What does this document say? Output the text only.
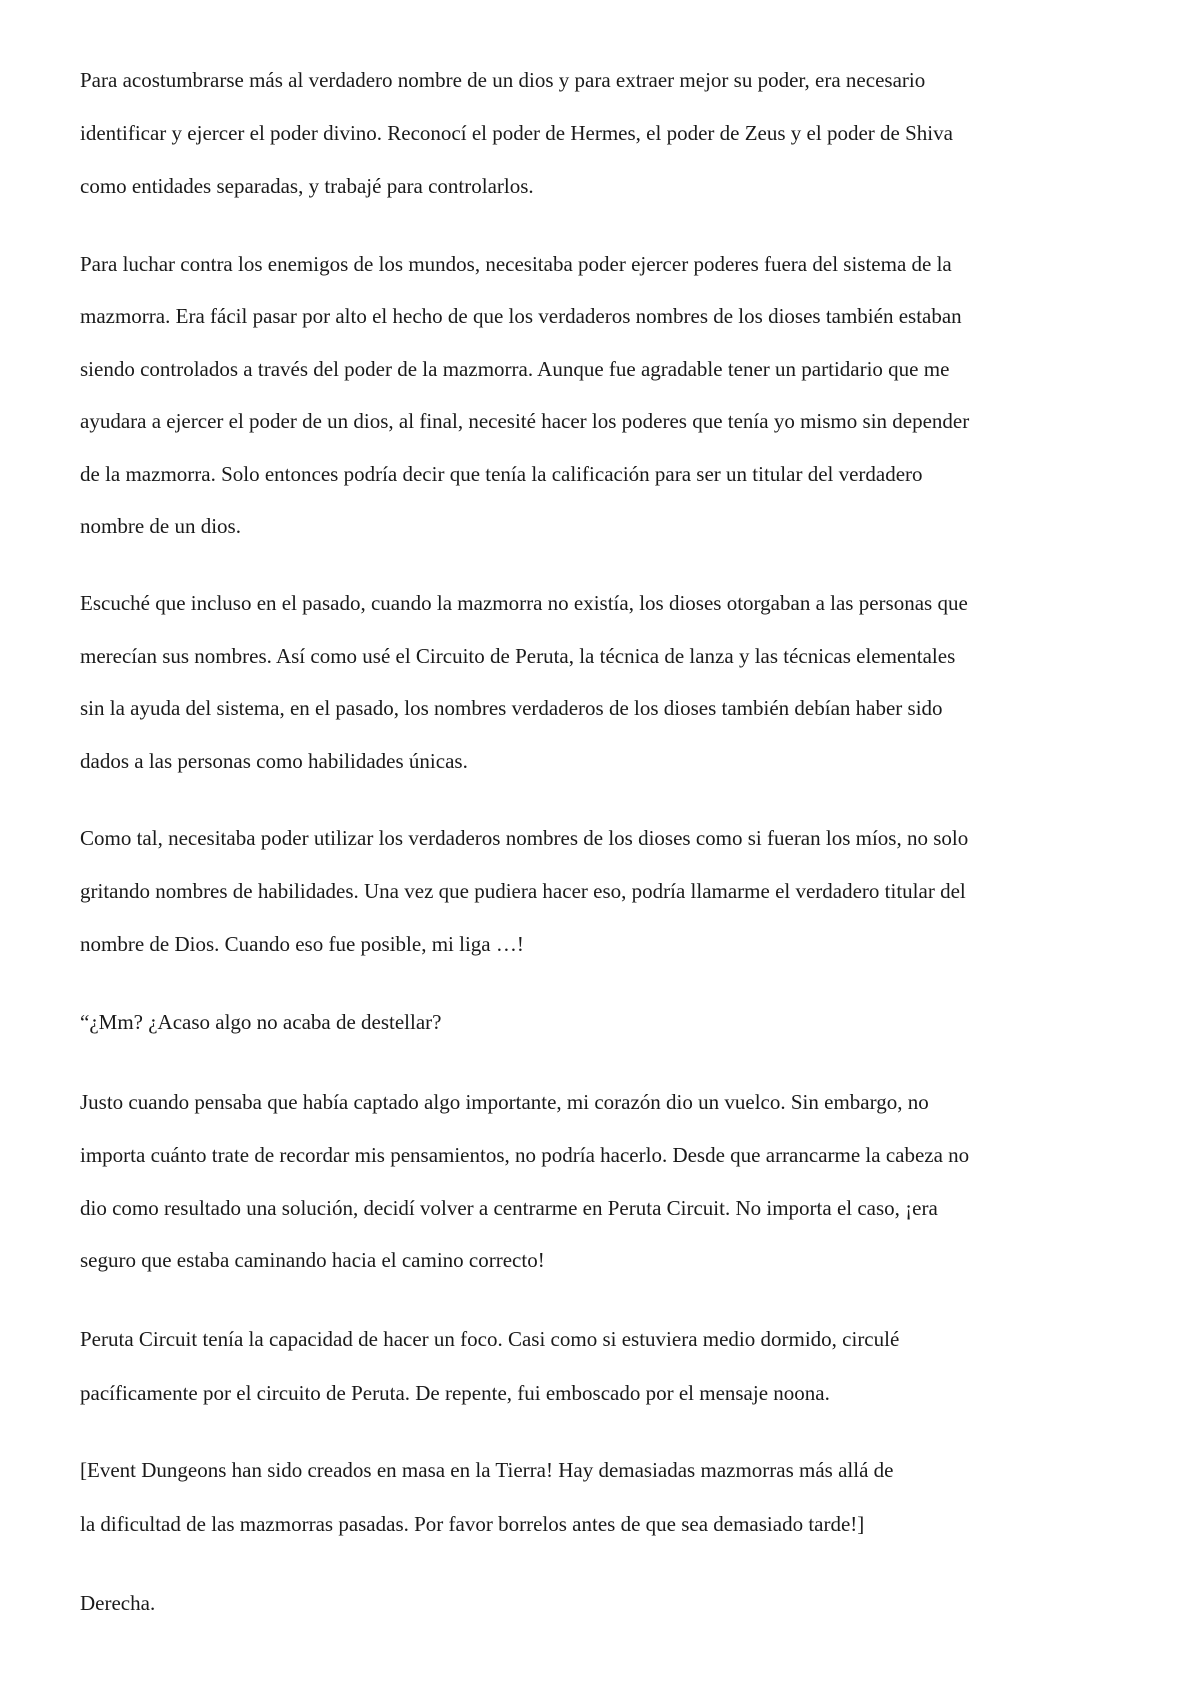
Para acostumbrarse más al verdadero nombre de un dios y para extraer mejor su poder, era necesario
identificar y ejercer el poder divino. Reconocí el poder de Hermes, el poder de Zeus y el poder de Shiva
como entidades separadas, y trabajé para controlarlos.
Para luchar contra los enemigos de los mundos, necesitaba poder ejercer poderes fuera del sistema de la
mazmorra. Era fácil pasar por alto el hecho de que los verdaderos nombres de los dioses también estaban
siendo controlados a través del poder de la mazmorra. Aunque fue agradable tener un partidario que me
ayudara a ejercer el poder de un dios, al final, necesité hacer los poderes que tenía yo mismo sin depender
de la mazmorra. Solo entonces podría decir que tenía la calificación para ser un titular del verdadero
nombre de un dios.
Escuché que incluso en el pasado, cuando la mazmorra no existía, los dioses otorgaban a las personas que
merecían sus nombres. Así como usé el Circuito de Peruta, la técnica de lanza y las técnicas elementales
sin la ayuda del sistema, en el pasado, los nombres verdaderos de los dioses también debían haber sido
dados a las personas como habilidades únicas.
Como tal, necesitaba poder utilizar los verdaderos nombres de los dioses como si fueran los míos, no solo
gritando nombres de habilidades. Una vez que pudiera hacer eso, podría llamarme el verdadero titular del
nombre de Dios. Cuando eso fue posible, mi liga …!
“¿Mm? ¿Acaso algo no acaba de destellar?
Justo cuando pensaba que había captado algo importante, mi corazón dio un vuelco. Sin embargo, no
importa cuánto trate de recordar mis pensamientos, no podría hacerlo. Desde que arrancarme la cabeza no
dio como resultado una solución, decidí volver a centrarme en Peruta Circuit. No importa el caso, ¡era
seguro que estaba caminando hacia el camino correcto!
Peruta Circuit tenía la capacidad de hacer un foco. Casi como si estuviera medio dormido, circulé
pacíficamente por el circuito de Peruta. De repente, fui emboscado por el mensaje noona.
[Event Dungeons han sido creados en masa en la Tierra! Hay demasiadas mazmorras más allá de
la dificultad de las mazmorras pasadas. Por favor borrelos antes de que sea demasiado tarde!]
Derecha.
